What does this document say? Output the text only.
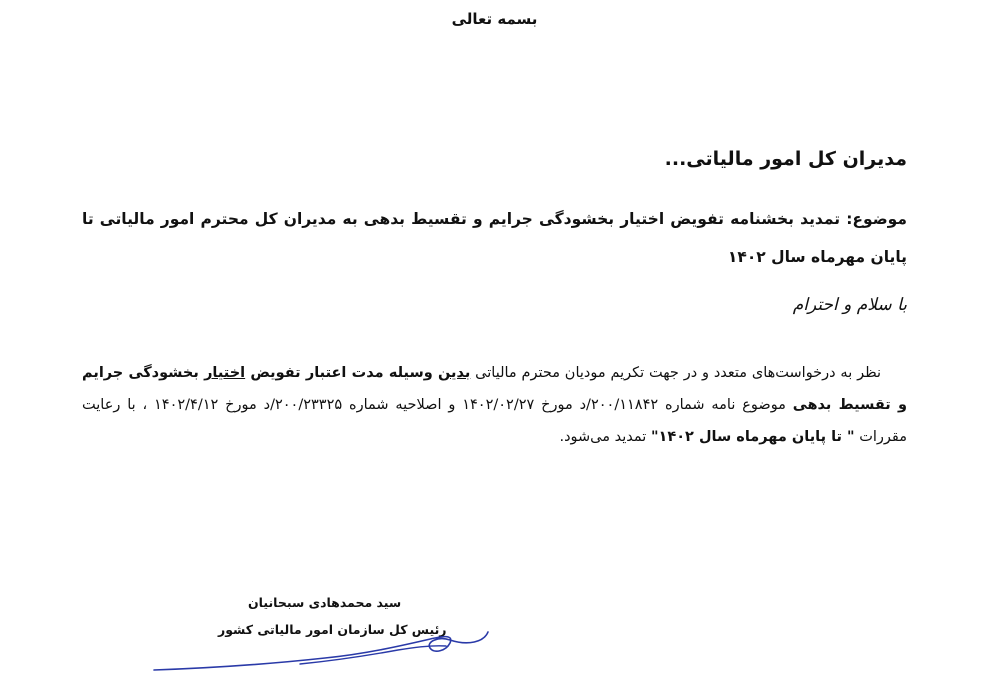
بسمه تعالی
مدیران کل امور مالیاتی...
موضوع: تمدید بخشنامه تفویض اختیار بخشودگی جرایم و تقسیط بدهی به مدیران کل محترم امور مالیاتی تا پایان مهرماه سال ۱۴۰۲
با سلام و احترام
نظر به درخواست‌های متعدد و در جهت تکریم مودیان محترم مالیاتی بدین وسیله مدت اعتبار تفویض اختیار بخشودگی جرایم و تقسیط بدهی موضوع نامه شماره ۲۰۰/۱۱۸۴۲/د مورخ ۱۴۰۲/۰۲/۲۷ و اصلاحیه شماره ۲۰۰/۲۳۳۲۵/د مورخ ۱۴۰۲/۴/۱۲ ، با رعایت مقررات " تا پایان مهرماه سال ۱۴۰۲" تمدید می‌شود.
سید محمدهادی سبحانیان
رئیس کل سازمان امور مالیاتی کشور
